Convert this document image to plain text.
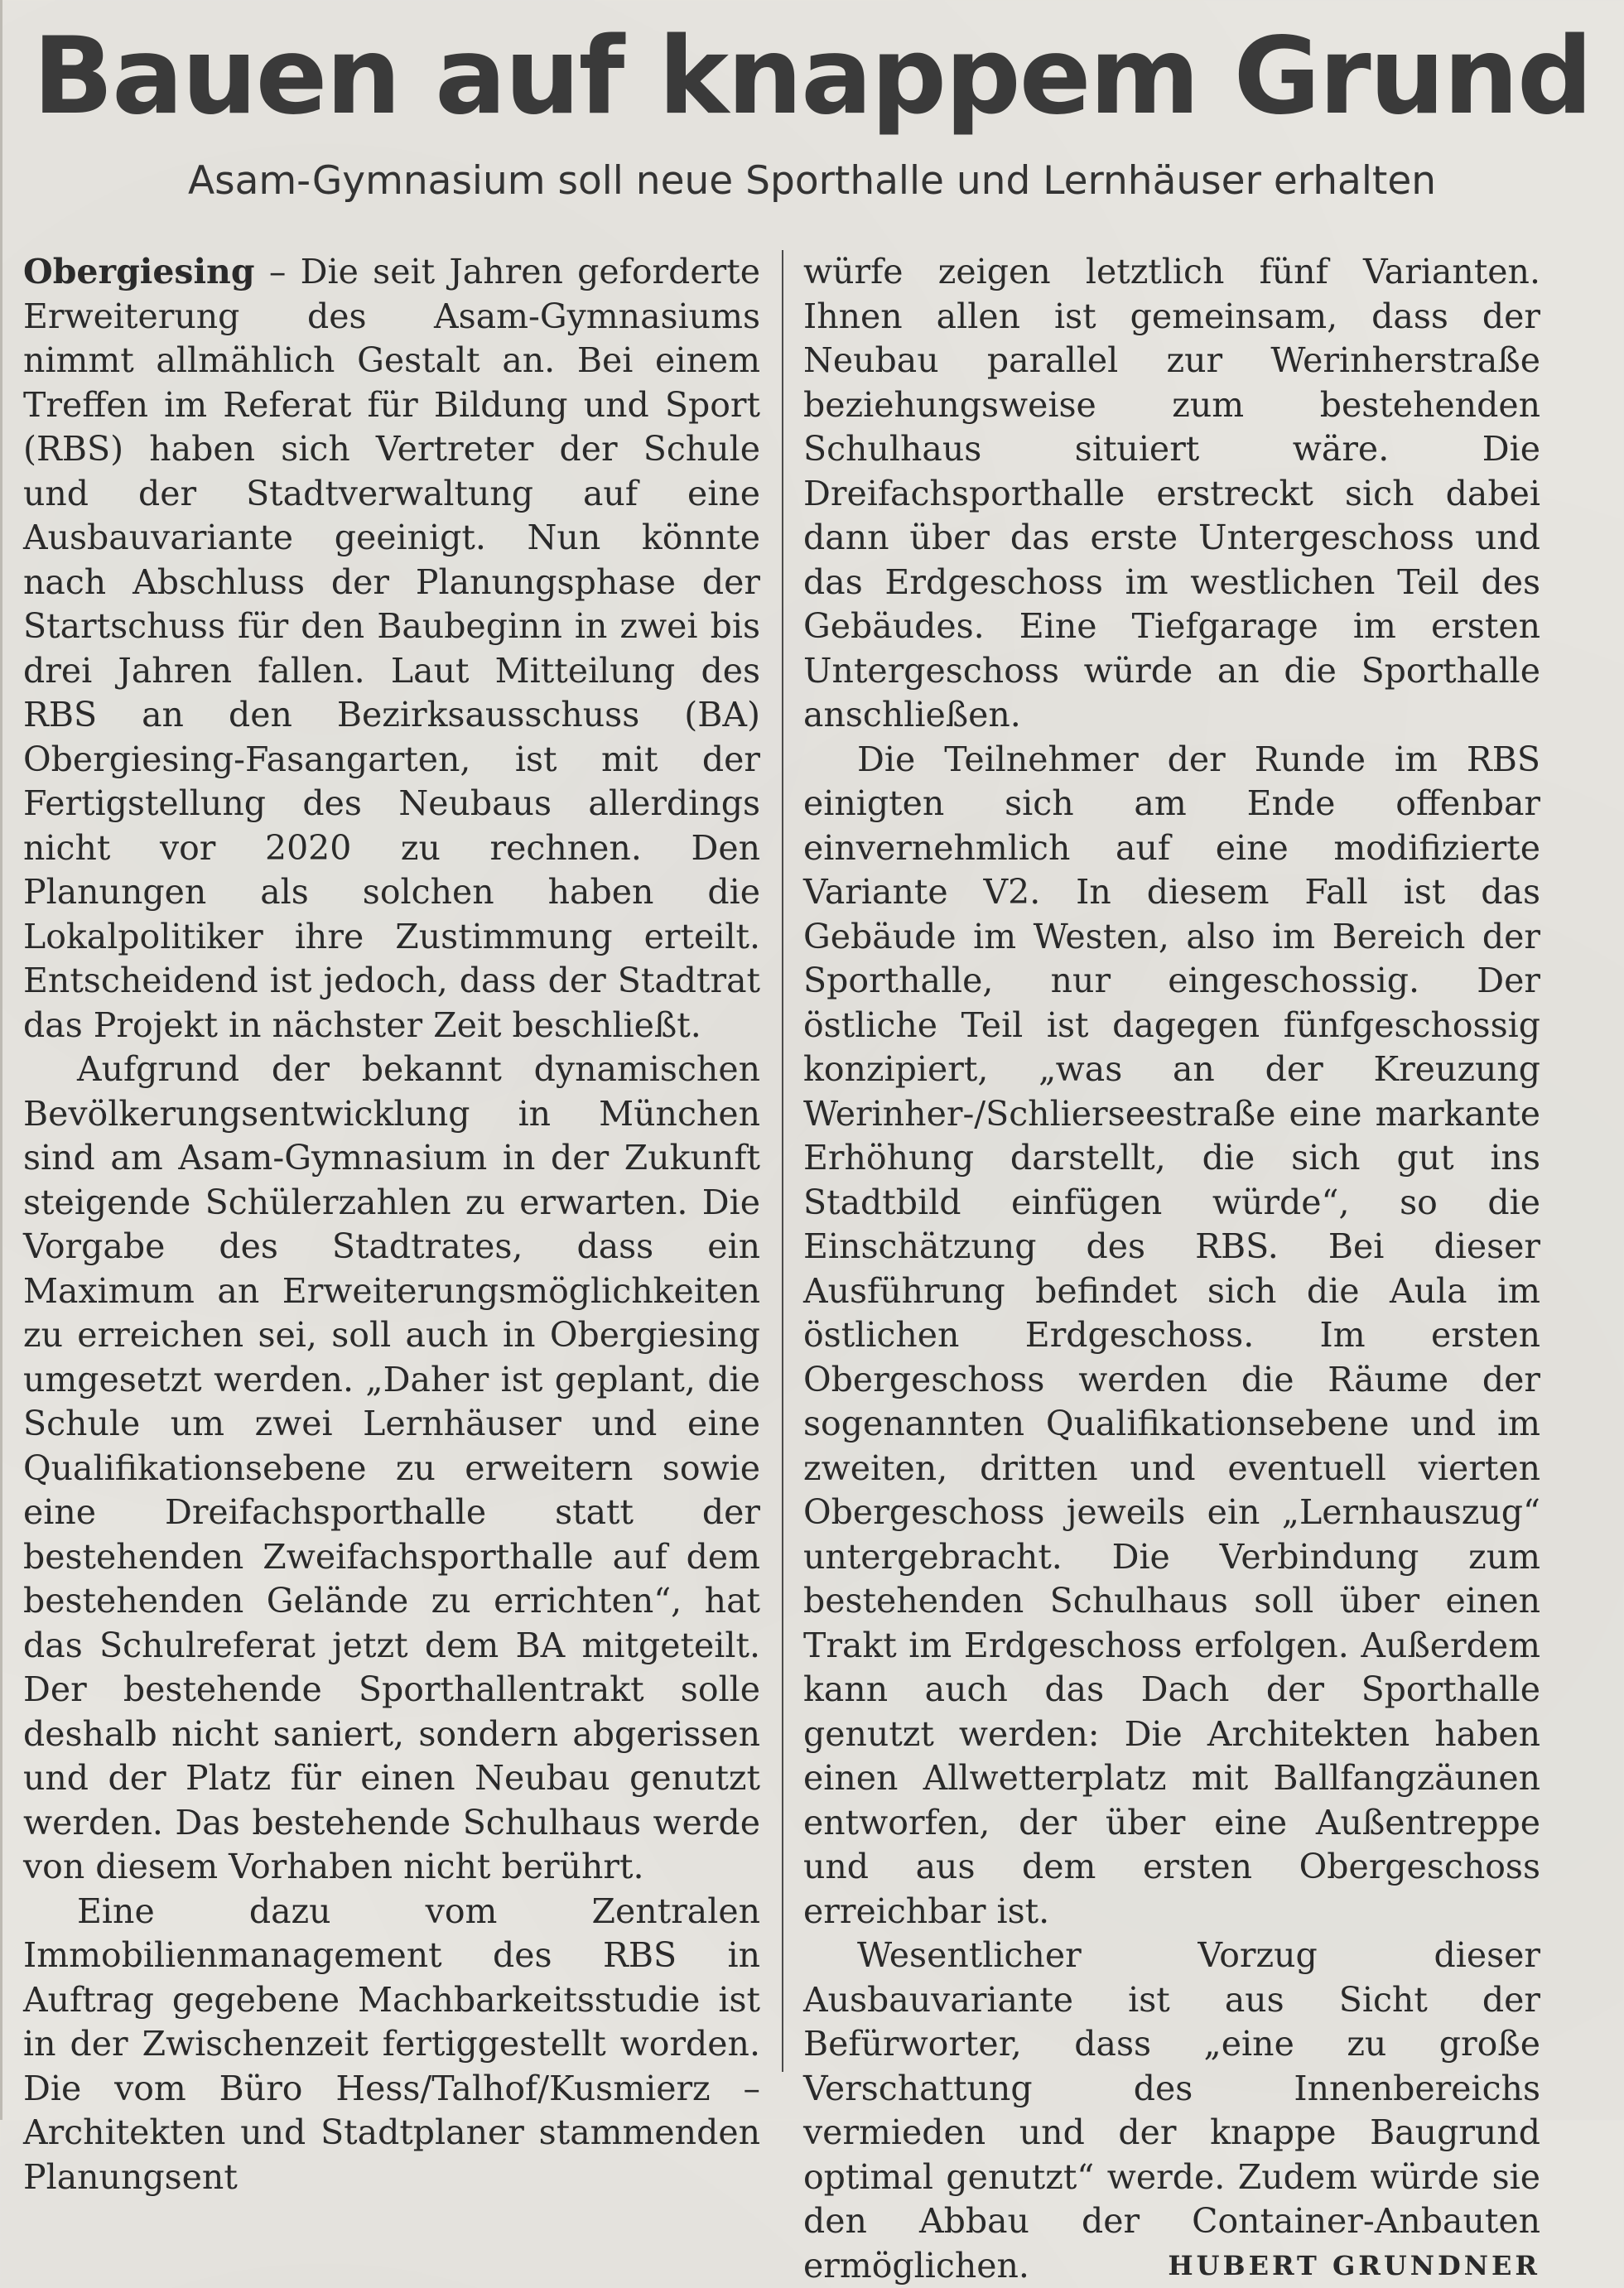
Bauen auf knappem Grund
Asam-Gymnasium soll neue Sporthalle und Lernhäuser erhalten

Obergiesing – Die seit Jahren geforderte Erweiterung des Asam-Gymnasiums nimmt allmählich Gestalt an. Bei einem Treffen im Referat für Bildung und Sport (RBS) haben sich Vertreter der Schule und der Stadtverwaltung auf eine Ausbauvariante geeinigt. Nun könnte nach Abschluss der Planungsphase der Startschuss für den Baubeginn in zwei bis drei Jahren fallen. Laut Mitteilung des RBS an den Bezirksausschuss (BA) Obergiesing-Fasangarten, ist mit der Fertigstellung des Neubaus allerdings nicht vor 2020 zu rechnen. Den Planungen als solchen haben die Lokalpolitiker ihre Zustimmung erteilt. Entscheidend ist jedoch, dass der Stadtrat das Projekt in nächster Zeit beschließt.

Aufgrund der bekannt dynamischen Bevölkerungsentwicklung in München sind am Asam-Gymnasium in der Zukunft steigende Schülerzahlen zu erwarten. Die Vorgabe des Stadtrates, dass ein Maximum an Erweiterungsmöglichkeiten zu erreichen sei, soll auch in Obergiesing umgesetzt werden. „Daher ist geplant, die Schule um zwei Lernhäuser und eine Qualifikationsebene zu erweitern sowie eine Dreifachsporthalle statt der bestehenden Zweifachsporthalle auf dem bestehenden Gelände zu errichten“, hat das Schulreferat jetzt dem BA mitgeteilt. Der bestehende Sporthallentrakt solle deshalb nicht saniert, sondern abgerissen und der Platz für einen Neubau genutzt werden. Das bestehende Schulhaus werde von diesem Vorhaben nicht berührt.

Eine dazu vom Zentralen Immobilienmanagement des RBS in Auftrag gegebene Machbarkeitsstudie ist in der Zwischenzeit fertiggestellt worden. Die vom Büro Hess/Talhof/Kusmierz – Architekten und Stadtplaner stammenden Planungsent

würfe zeigen letztlich fünf Varianten. Ihnen allen ist gemeinsam, dass der Neubau parallel zur Werinherstraße beziehungsweise zum bestehenden Schulhaus situiert wäre. Die Dreifachsporthalle erstreckt sich dabei dann über das erste Untergeschoss und das Erdgeschoss im westlichen Teil des Gebäudes. Eine Tiefgarage im ersten Untergeschoss würde an die Sporthalle anschließen.

Die Teilnehmer der Runde im RBS einigten sich am Ende offenbar einvernehmlich auf eine modifizierte Variante V2. In diesem Fall ist das Gebäude im Westen, also im Bereich der Sporthalle, nur eingeschossig. Der östliche Teil ist dagegen fünfgeschossig konzipiert, „was an der Kreuzung Werinher-/Schlierseestraße eine markante Erhöhung darstellt, die sich gut ins Stadtbild einfügen würde“, so die Einschätzung des RBS. Bei dieser Ausführung befindet sich die Aula im östlichen Erdgeschoss. Im ersten Obergeschoss werden die Räume der sogenannten Qualifikationsebene und im zweiten, dritten und eventuell vierten Obergeschoss jeweils ein „Lernhauszug“ untergebracht. Die Verbindung zum bestehenden Schulhaus soll über einen Trakt im Erdgeschoss erfolgen. Außerdem kann auch das Dach der Sporthalle genutzt werden: Die Architekten haben einen Allwetterplatz mit Ballfangzäunen entworfen, der über eine Außentreppe und aus dem ersten Obergeschoss erreichbar ist.

Wesentlicher Vorzug dieser Ausbauvariante ist aus Sicht der Befürworter, dass „eine zu große Verschattung des Innenbereichs vermieden und der knappe Baugrund optimal genutzt“ werde. Zudem würde sie den Abbau der Container-Anbauten ermöglichen.	HUBERT GRUNDNER
